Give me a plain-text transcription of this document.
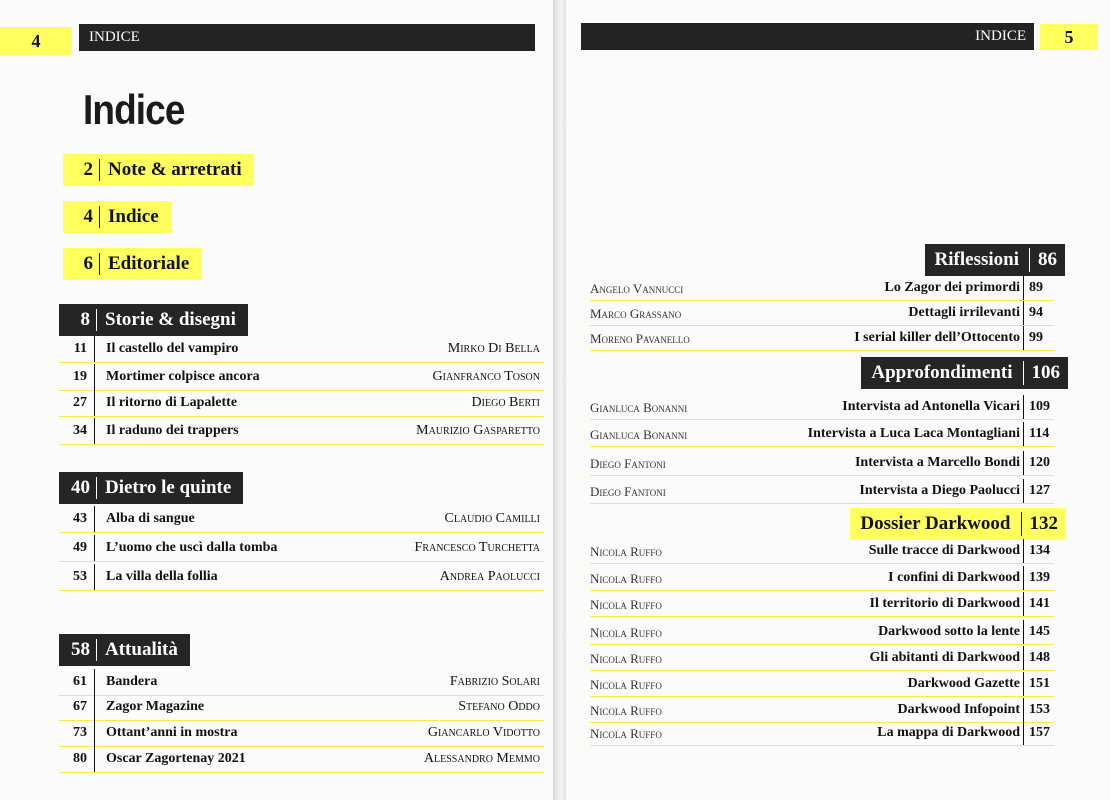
4	INDICE
Indice
2 Note & arretrati
4 Indice
6 Editoriale
8 Storie & disegni
11 Il castello del vampiro	Mirko Di Bella
19 Mortimer colpisce ancora	Gianfranco Toson
27 Il ritorno di Lapalette	Diego Berti
34 Il raduno dei trappers	Maurizio Gasparetto
40 Dietro le quinte
43 Alba di sangue	Claudio Camilli
49 L’uomo che uscì dalla tomba	Francesco Turchetta
53 La villa della follia	Andrea Paolucci
58 Attualità
61 Bandera	Fabrizio Solari
67 Zagor Magazine	Stefano Oddo
73 Ottant’anni in mostra	Giancarlo Vidotto
80 Oscar Zagortenay 2021	Alessandro Memmo
INDICE	5
Riflessioni	86
Angelo Vannucci	Lo Zagor dei primordi 89
Marco Grassano	Dettagli irrilevanti 94
Moreno Pavanello	I serial killer dell’Ottocento 99
Approfondimenti	106
Gianluca Bonanni	Intervista ad Antonella Vicari 109
Gianluca Bonanni	Intervista a Luca Laca Montagliani 114
Diego Fantoni	Intervista a Marcello Bondi 120
Diego Fantoni	Intervista a Diego Paolucci 127
Dossier Darkwood	132
Nicola Ruffo	Sulle tracce di Darkwood 134
Nicola Ruffo	I confini di Darkwood 139
Nicola Ruffo	Il territorio di Darkwood 141
Nicola Ruffo	Darkwood sotto la lente 145
Nicola Ruffo	Gli abitanti di Darkwood 148
Nicola Ruffo	Darkwood Gazette 151
Nicola Ruffo	Darkwood Infopoint 153
Nicola Ruffo	La mappa di Darkwood 157
